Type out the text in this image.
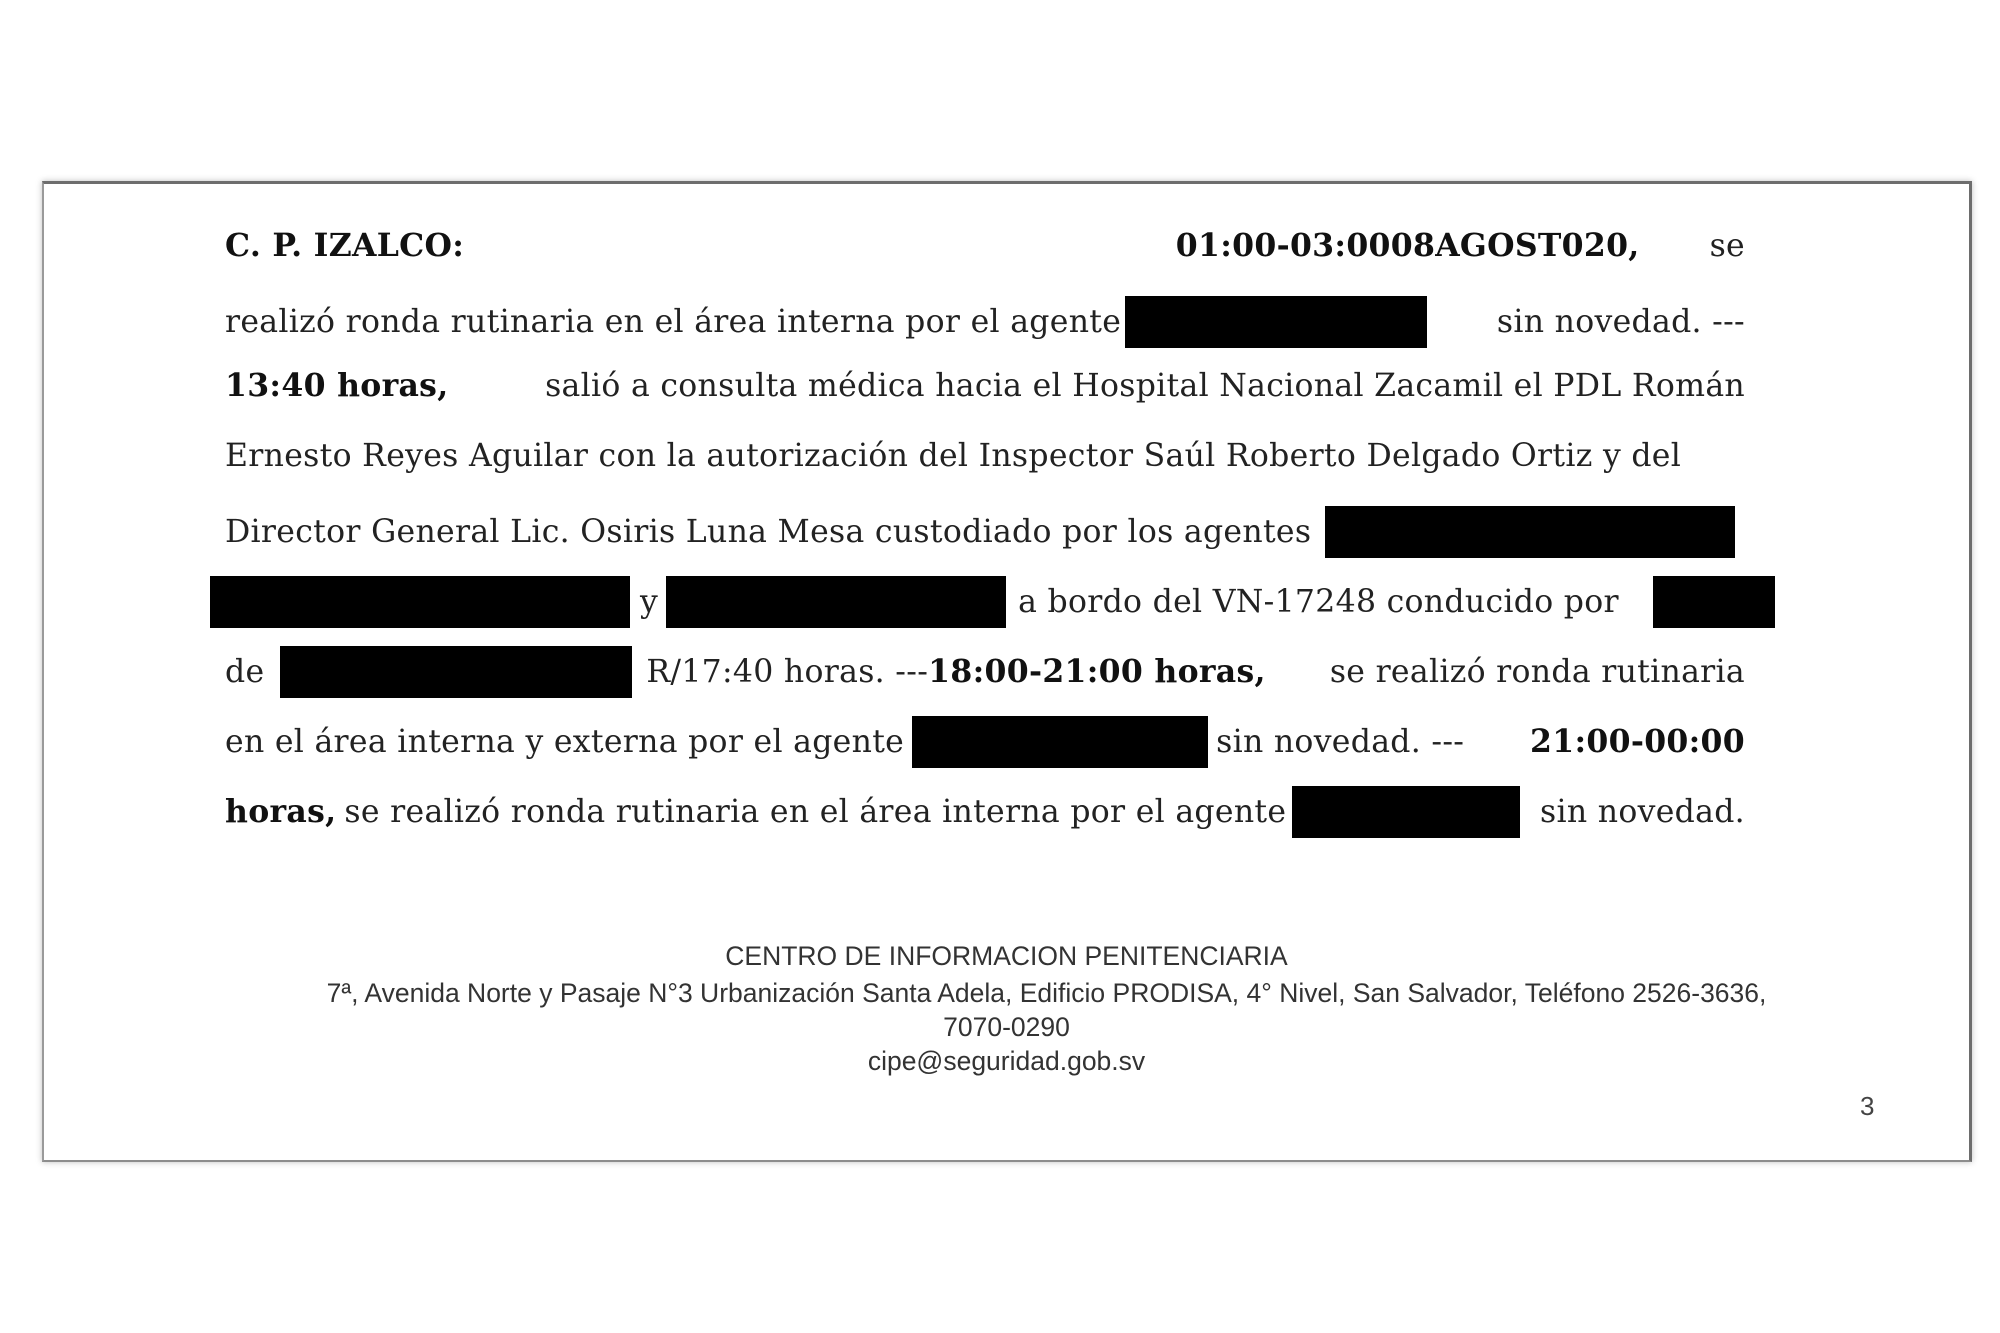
C. P. IZALCO:	01:00-03:0008AGOST020, se
realizó ronda rutinaria en el área interna por el agente	sin novedad. ---
13:40 horas,	salió a consulta médica hacia el Hospital Nacional Zacamil el PDL Román
Ernesto Reyes Aguilar con la autorización del Inspector Saúl Roberto Delgado Ortiz y del
Director General Lic. Osiris Luna Mesa custodiado por los agentes
y	a bordo del VN-17248 conducido por
de	R/17:40 horas. --- 18:00-21:00 horas, se realizó ronda rutinaria
en el área interna y externa por el agente	sin novedad. --- 21:00-00:00
horas, se realizó ronda rutinaria en el área interna por el agente	sin novedad.
CENTRO DE INFORMACION PENITENCIARIA
7ª, Avenida Norte y Pasaje N°3 Urbanización Santa Adela, Edificio PRODISA, 4° Nivel, San Salvador, Teléfono 2526-3636,
7070-0290
cipe@seguridad.gob.sv
3
